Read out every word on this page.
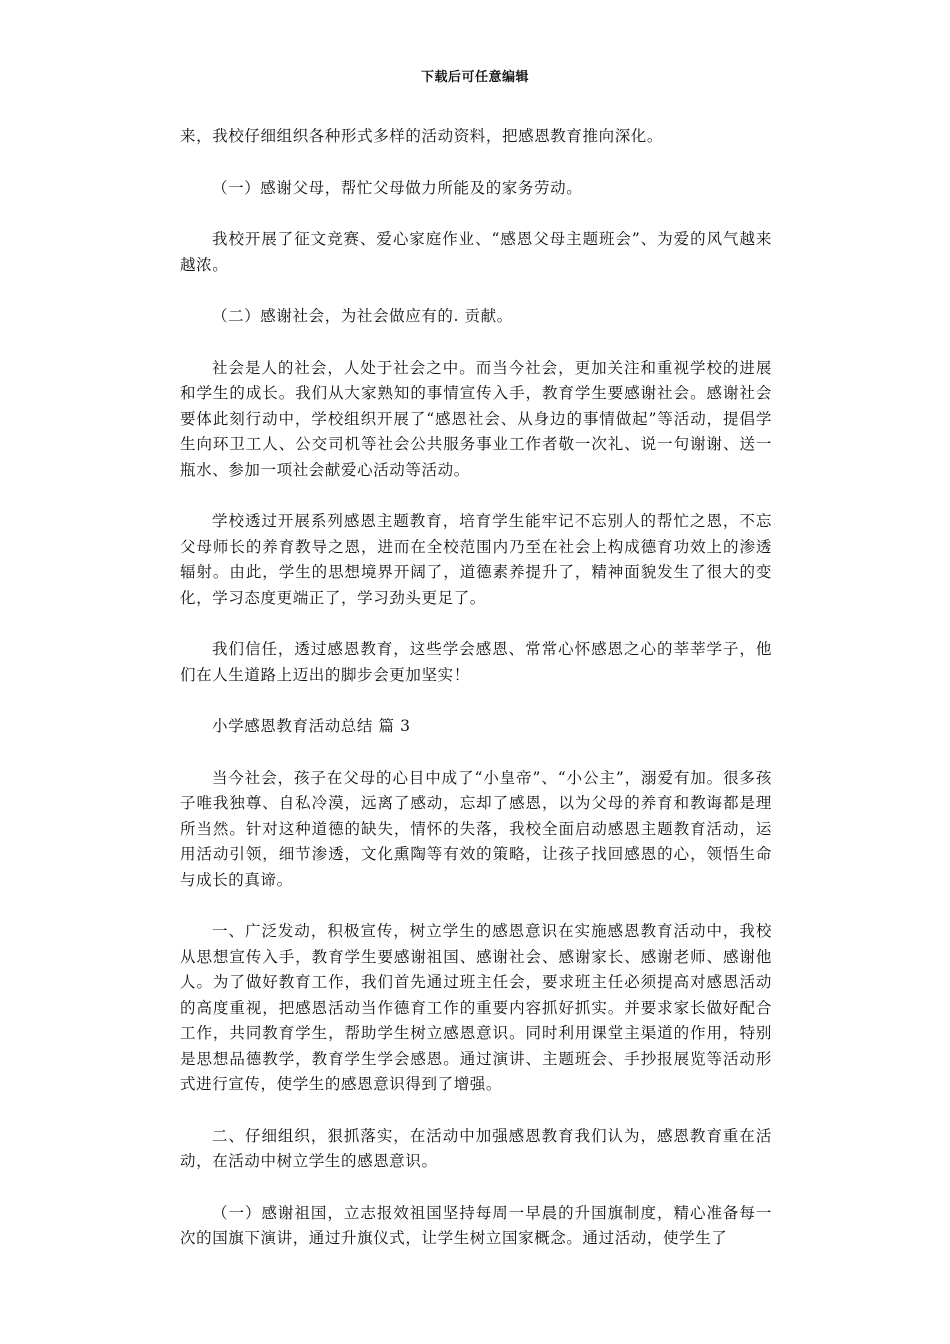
下载后可任意编辑

来，我校仔细组织各种形式多样的活动资料，把感恩教育推向深化。

（一）感谢父母，帮忙父母做力所能及的家务劳动。

我校开展了征文竞赛、爱心家庭作业、“感恩父母主题班会”、为爱的风气越来越浓。

（二）感谢社会，为社会做应有的. 贡献。

社会是人的社会，人处于社会之中。而当今社会，更加关注和重视学校的进展和学生的成长。我们从大家熟知的事情宣传入手，教育学生要感谢社会。感谢社会要体此刻行动中，学校组织开展了“感恩社会、从身边的事情做起”等活动，提倡学生向环卫工人、公交司机等社会公共服务事业工作者敬一次礼、说一句谢谢、送一瓶水、参加一项社会献爱心活动等活动。

学校透过开展系列感恩主题教育，培育学生能牢记不忘别人的帮忙之恩，不忘父母师长的养育教导之恩，进而在全校范围内乃至在社会上构成德育功效上的渗透辐射。由此，学生的思想境界开阔了，道德素养提升了，精神面貌发生了很大的变化，学习态度更端正了，学习劲头更足了。

我们信任，透过感恩教育，这些学会感恩、常常心怀感恩之心的莘莘学子，他们在人生道路上迈出的脚步会更加坚实！

小学感恩教育活动总结 篇 3

当今社会，孩子在父母的心目中成了“小皇帝”、“小公主”，溺爱有加。很多孩子唯我独尊、自私冷漠，远离了感动，忘却了感恩，以为父母的养育和教诲都是理所当然。针对这种道德的缺失，情怀的失落，我校全面启动感恩主题教育活动，运用活动引领，细节渗透，文化熏陶等有效的策略，让孩子找回感恩的心，领悟生命与成长的真谛。

一、广泛发动，积极宣传，树立学生的感恩意识在实施感恩教育活动中，我校从思想宣传入手，教育学生要感谢祖国、感谢社会、感谢家长、感谢老师、感谢他人。为了做好教育工作，我们首先通过班主任会，要求班主任必须提高对感恩活动的高度重视，把感恩活动当作德育工作的重要内容抓好抓实。并要求家长做好配合工作，共同教育学生，帮助学生树立感恩意识。同时利用课堂主渠道的作用，特别是思想品德教学，教育学生学会感恩。通过演讲、主题班会、手抄报展览等活动形式进行宣传，使学生的感恩意识得到了增强。

二、仔细组织，狠抓落实，在活动中加强感恩教育我们认为，感恩教育重在活动，在活动中树立学生的感恩意识。

（一）感谢祖国，立志报效祖国坚持每周一早晨的升国旗制度，精心准备每一次的国旗下演讲，通过升旗仪式，让学生树立国家概念。通过活动，使学生了
